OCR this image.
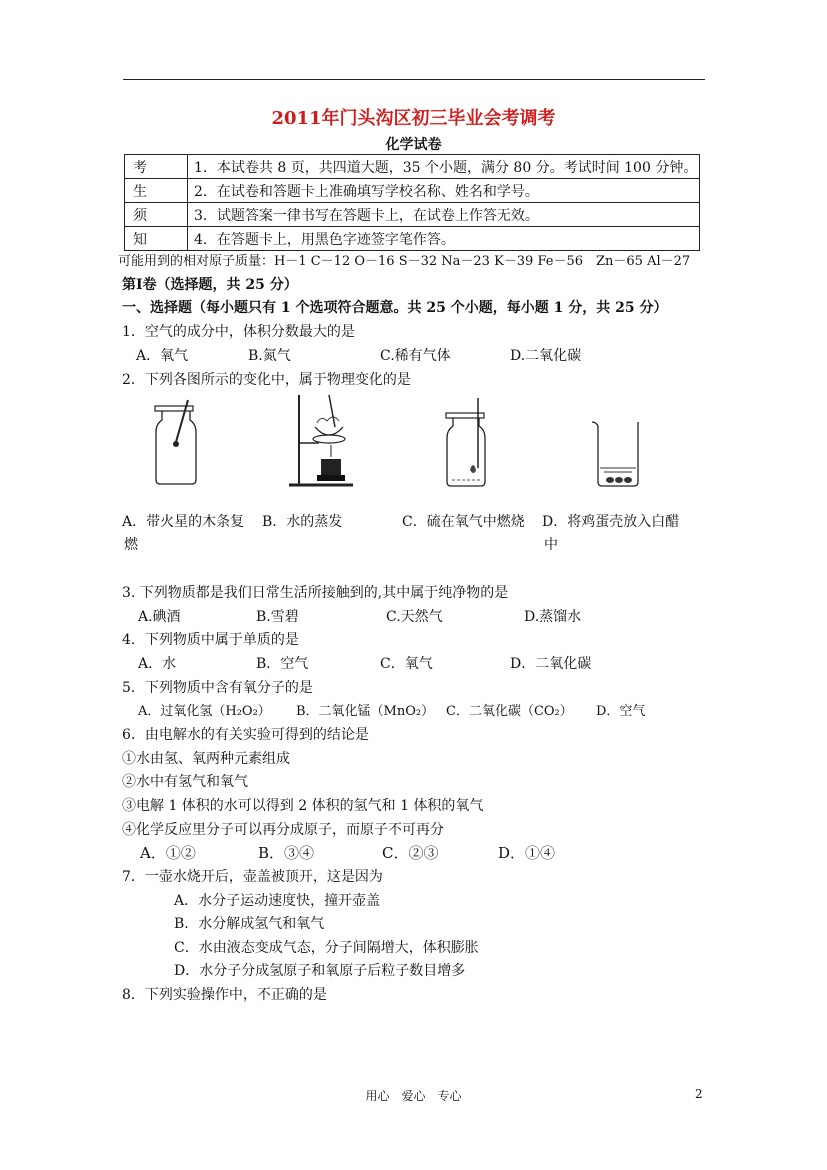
2011年门头沟区初三毕业会考调考
化学试卷
考	1．本试卷共 8 页，共四道大题，35 个小题，满分 80 分。考试时间 100 分钟。
生	2．在试卷和答题卡上准确填写学校名称、姓名和学号。
须	3．试题答案一律书写在答题卡上，在试卷上作答无效。
知	4．在答题卡上，用黑色字迹签字笔作答。
可能用到的相对原子质量：H－1 C－12 O－16 S－32 Na－23 K－39 Fe－56　Zn－65 Al－27
第Ⅰ卷（选择题，共 25 分）
一、选择题（每小题只有 1 个选项符合题意。共 25 个小题，每小题 1 分，共 25 分）
1．空气的成分中，体积分数最大的是
A．氧气	B.氮气	C.稀有气体	D.二氧化碳
2．下列各图所示的变化中，属于物理变化的是
A．带火星的木条复 B．水的蒸发	C．硫在氧气中燃烧 D．将鸡蛋壳放入白醋
燃	中
3. 下列物质都是我们日常生活所接触到的,其中属于纯净物的是
A.碘酒	B.雪碧	C.天然气	D.蒸馏水
4．下列物质中属于单质的是
A．水	B．空气	C．氧气	D．二氧化碳
5．下列物质中含有氧分子的是
A．过氧化氢（H₂O₂） B．二氧化锰（MnO₂） C．二氧化碳（CO₂） D．空气
6．由电解水的有关实验可得到的结论是
①水由氢、氧两种元素组成
②水中有氢气和氧气
③电解 1 体积的水可以得到 2 体积的氢气和 1 体积的氧气
④化学反应里分子可以再分成原子，而原子不可再分
A．①②	B．③④	C．②③	D．①④
7．一壶水烧开后，壶盖被顶开，这是因为
A．水分子运动速度快，撞开壶盖
B．水分解成氢气和氧气
C．水由液态变成气态，分子间隔增大，体积膨胀
D．水分子分成氢原子和氧原子后粒子数目增多
8．下列实验操作中，不正确的是
用心　爱心　专心	2
